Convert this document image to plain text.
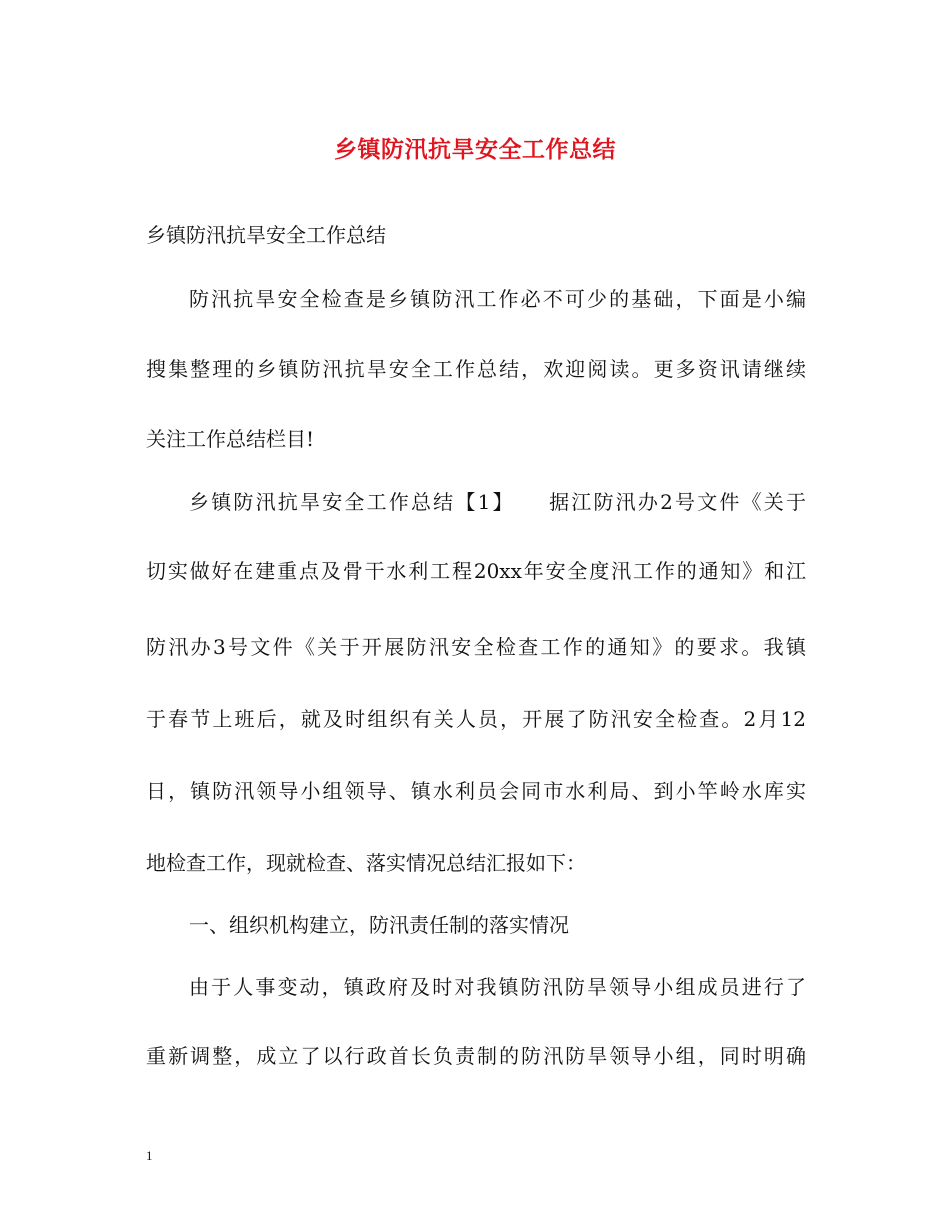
乡镇防汛抗旱安全工作总结
乡镇防汛抗旱安全工作总结
防汛抗旱安全检查是乡镇防汛工作必不可少的基础，下面是小编
搜集整理的乡镇防汛抗旱安全工作总结，欢迎阅读。更多资讯请继续
关注工作总结栏目!
乡镇防汛抗旱安全工作总结【1】　　据江防汛办2号文件《关于
切实做好在建重点及骨干水利工程20xx年安全度汛工作的通知》和江
防汛办3号文件《关于开展防汛安全检查工作的通知》的要求。我镇
于春节上班后，就及时组织有关人员，开展了防汛安全检查。2月12
日，镇防汛领导小组领导、镇水利员会同市水利局、到小竿岭水库实
地检查工作，现就检查、落实情况总结汇报如下：
一、组织机构建立，防汛责任制的落实情况
由于人事变动，镇政府及时对我镇防汛防旱领导小组成员进行了
重新调整，成立了以行政首长负责制的防汛防旱领导小组，同时明确
1
